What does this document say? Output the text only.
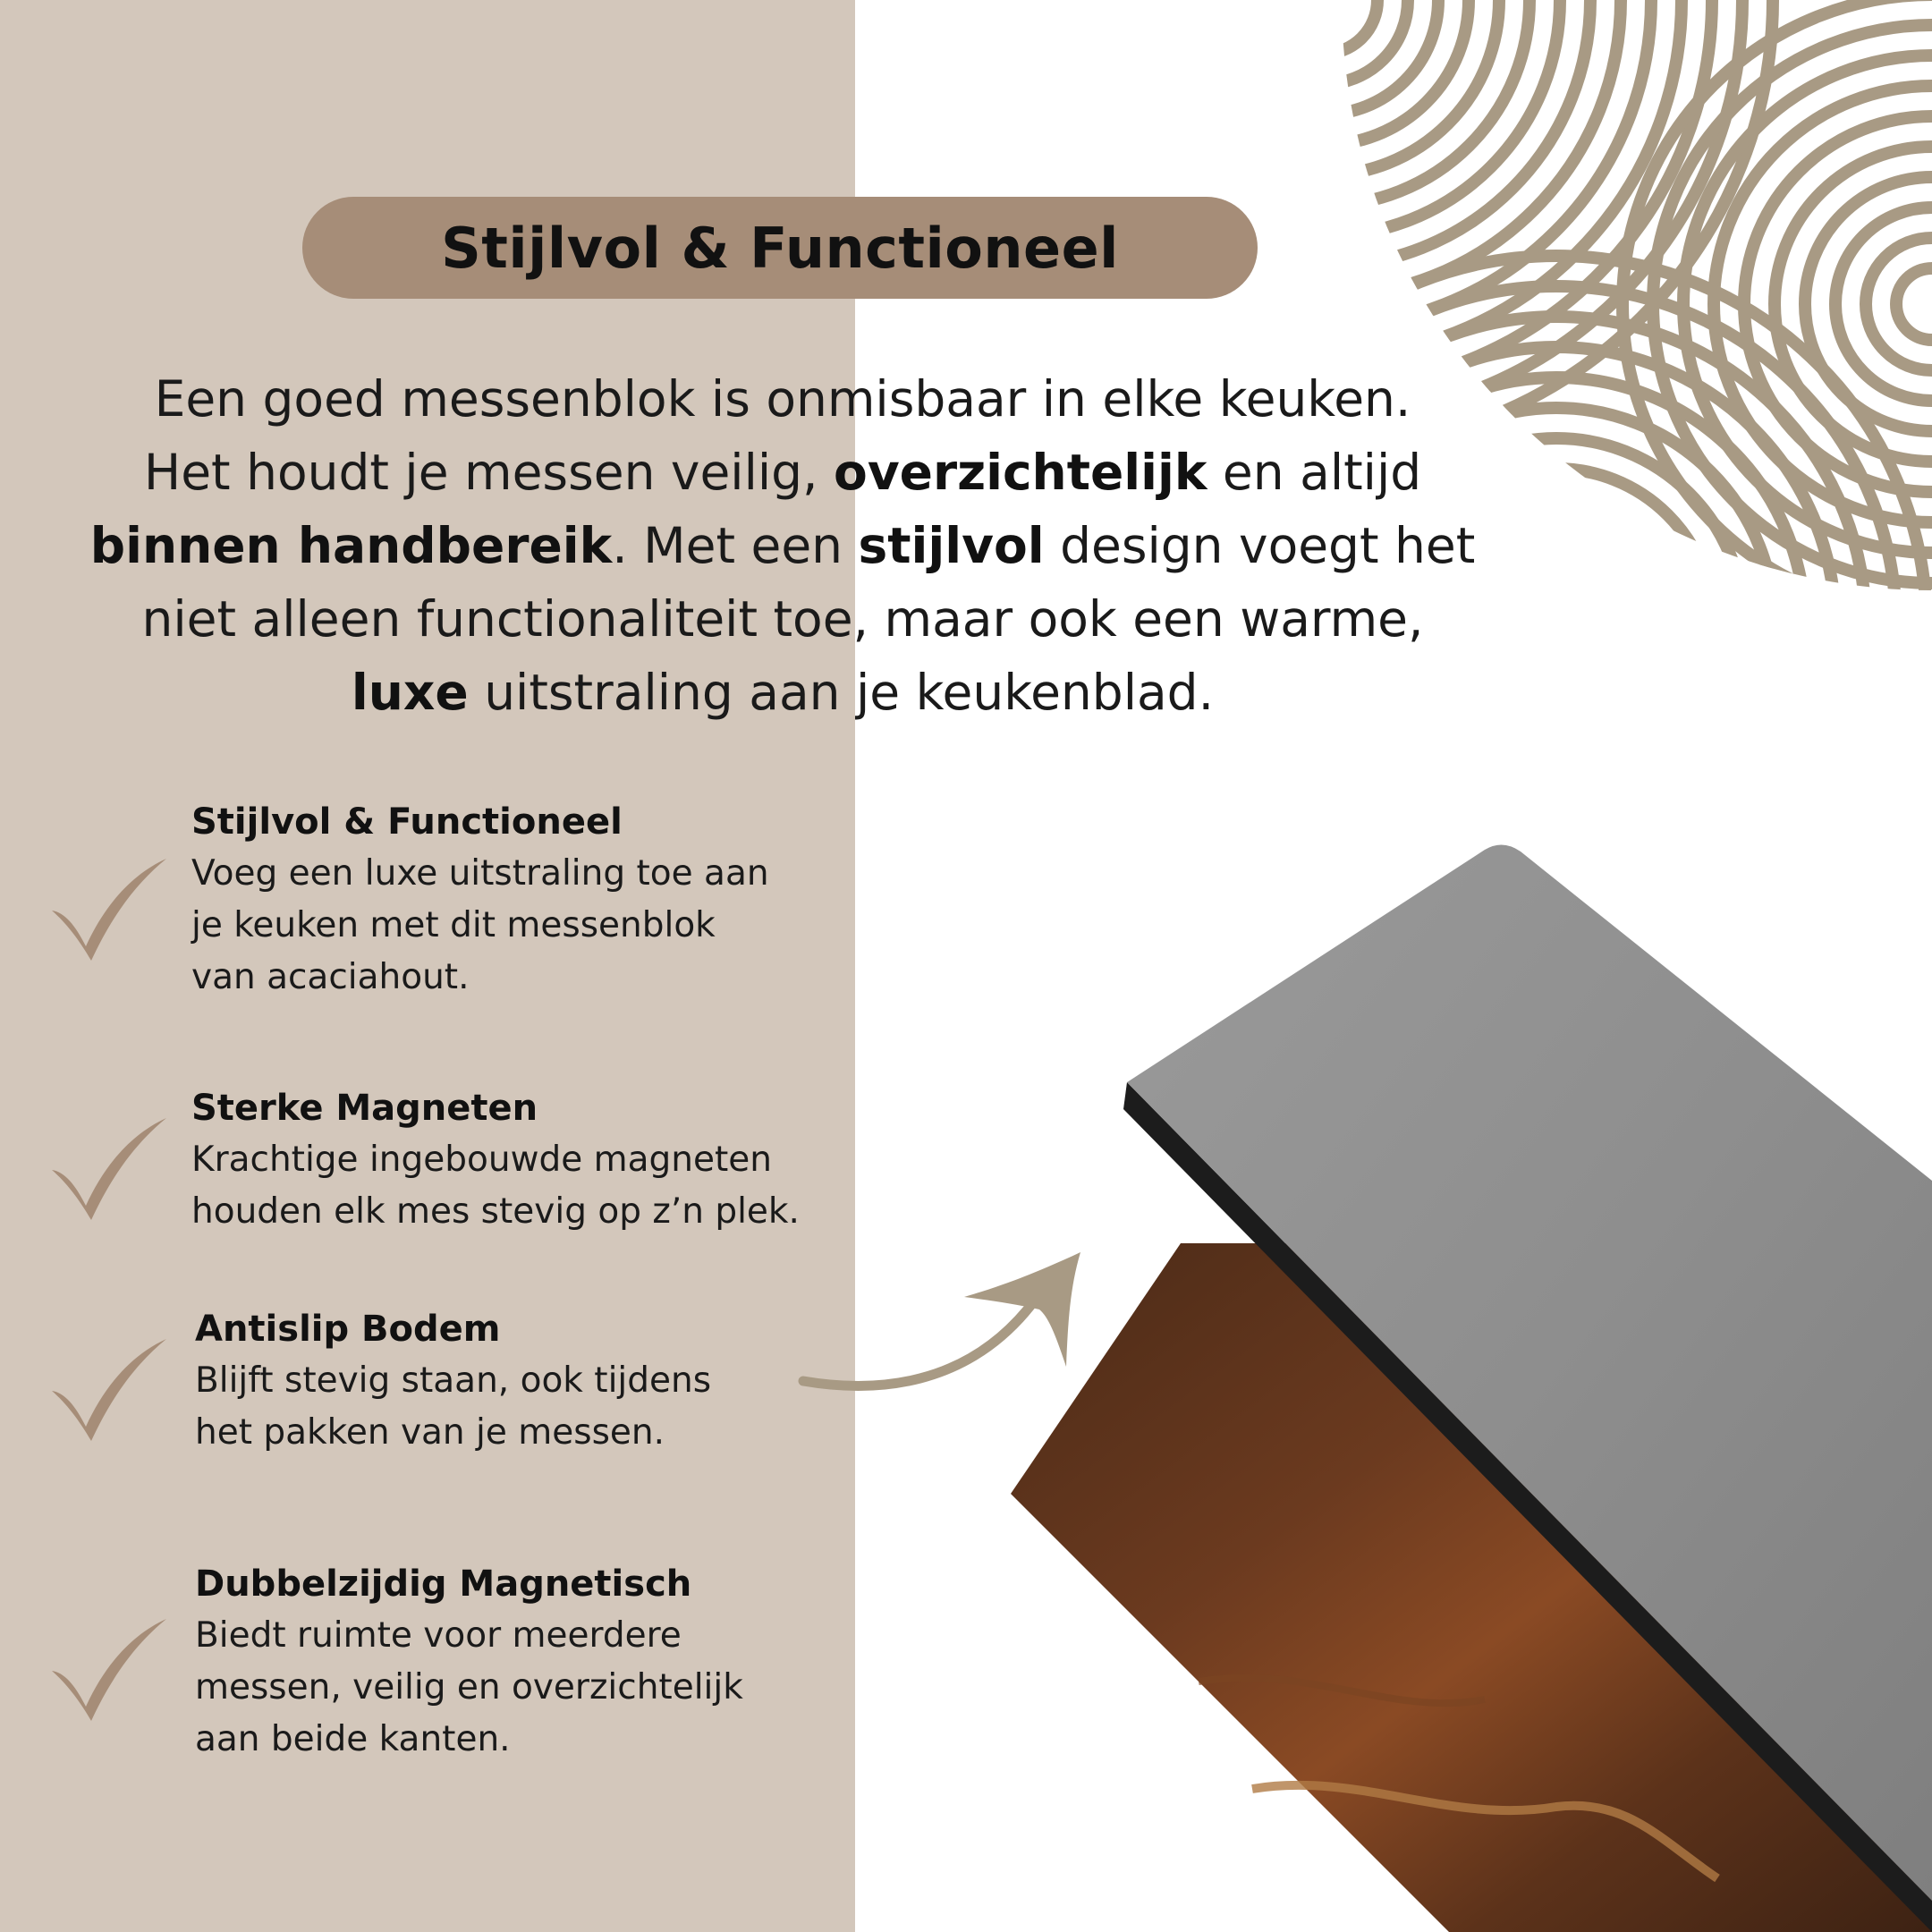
Stijlvol & Functioneel

Een goed messenblok is onmisbaar in elke keuken.
Het houdt je messen veilig, overzichtelijk en altijd
binnen handbereik. Met een stijlvol design voegt het
niet alleen functionaliteit toe, maar ook een warme,
luxe uitstraling aan je keukenblad.

Stijlvol & Functioneel

Voeg een luxe uitstraling toe aan

je keuken met dit messenblok

van acaciahout.

Sterke Magneten

Krachtige ingebouwde magneten

houden elk mes stevig op z’n plek.

Antislip Bodem

Blijft stevig staan, ook tijdens

het pakken van je messen.

Dubbelzijdig Magnetisch

Biedt ruimte voor meerdere

messen, veilig en overzichtelijk

aan beide kanten.
